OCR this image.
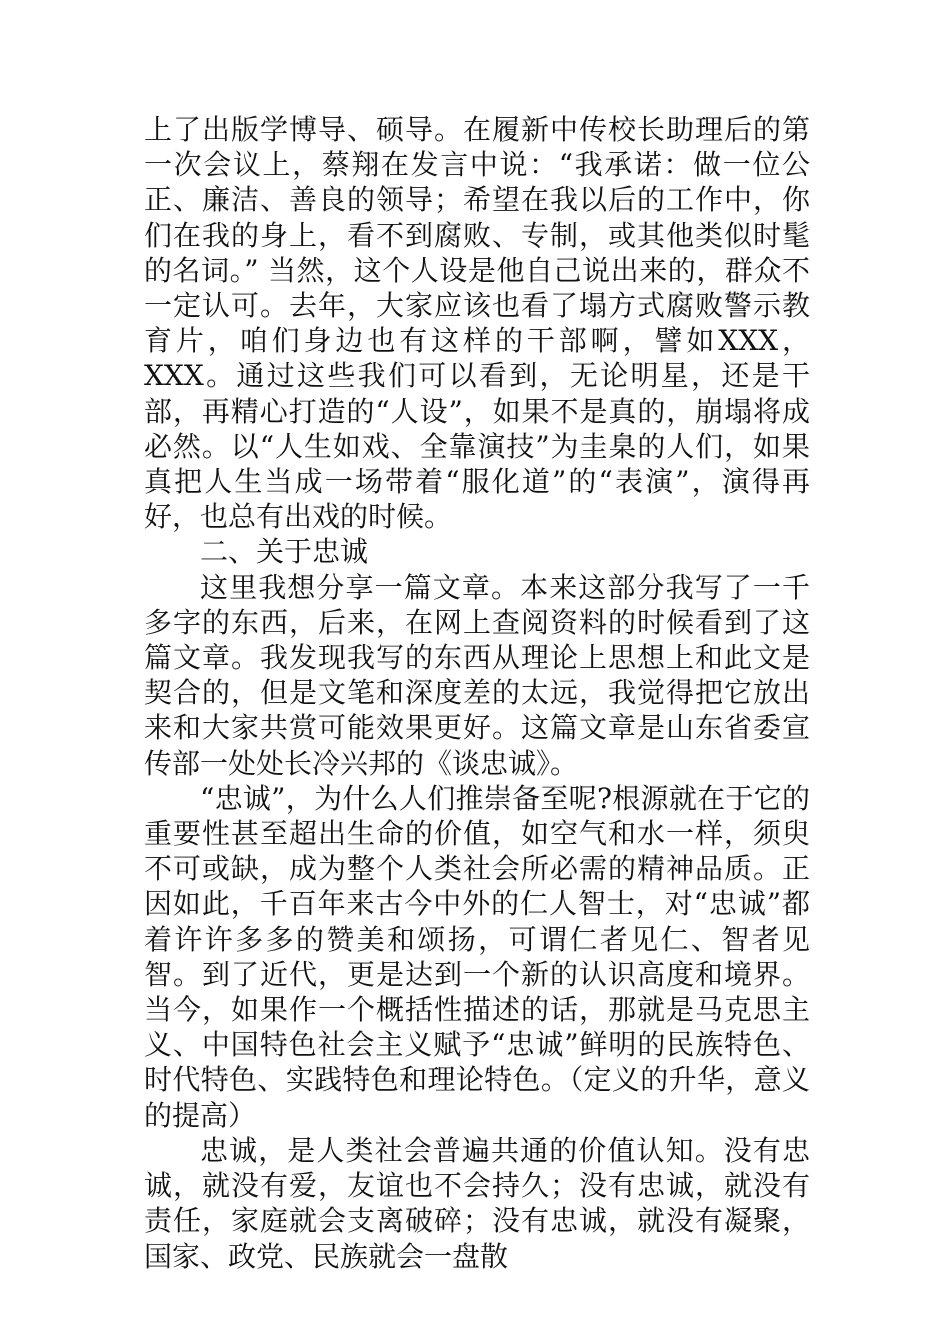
上了出版学博导、硕导。在履新中传校长助理后的第一次会议上，蔡翔在发言中说：“我承诺：做一位公正、廉洁、善良的领导；希望在我以后的工作中，你们在我的身上，看不到腐败、专制，或其他类似时髦的名词。” 当然，这个人设是他自己说出来的，群众不一定认可。去年，大家应该也看了塌方式腐败警示教育片，咱们身边也有这样的干部啊，譬如XXX，XXX。通过这些我们可以看到，无论明星，还是干部，再精心打造的“人设”，如果不是真的，崩塌将成必然。以“人生如戏、全靠演技”为圭臬的人们，如果真把人生当成一场带着“服化道”的“表演”，演得再好，也总有出戏的时候。

二、关于忠诚

这里我想分享一篇文章。本来这部分我写了一千多字的东西，后来，在网上查阅资料的时候看到了这篇文章。我发现我写的东西从理论上思想上和此文是契合的，但是文笔和深度差的太远，我觉得把它放出来和大家共赏可能效果更好。这篇文章是山东省委宣传部一处处长冷兴邦的《谈忠诚》。

“忠诚”，为什么人们推崇备至呢?根源就在于它的重要性甚至超出生命的价值，如空气和水一样，须臾不可或缺，成为整个人类社会所必需的精神品质。正因如此，千百年来古今中外的仁人智士，对“忠诚”都着许许多多的赞美和颂扬，可谓仁者见仁、智者见智。到了近代，更是达到一个新的认识高度和境界。当今，如果作一个概括性描述的话，那就是马克思主义、中国特色社会主义赋予“忠诚”鲜明的民族特色、时代特色、实践特色和理论特色。（定义的升华，意义的提高）

忠诚，是人类社会普遍共通的价值认知。没有忠诚，就没有爱，友谊也不会持久；没有忠诚，就没有责任，家庭就会支离破碎；没有忠诚，就没有凝聚，国家、政党、民族就会一盘散
